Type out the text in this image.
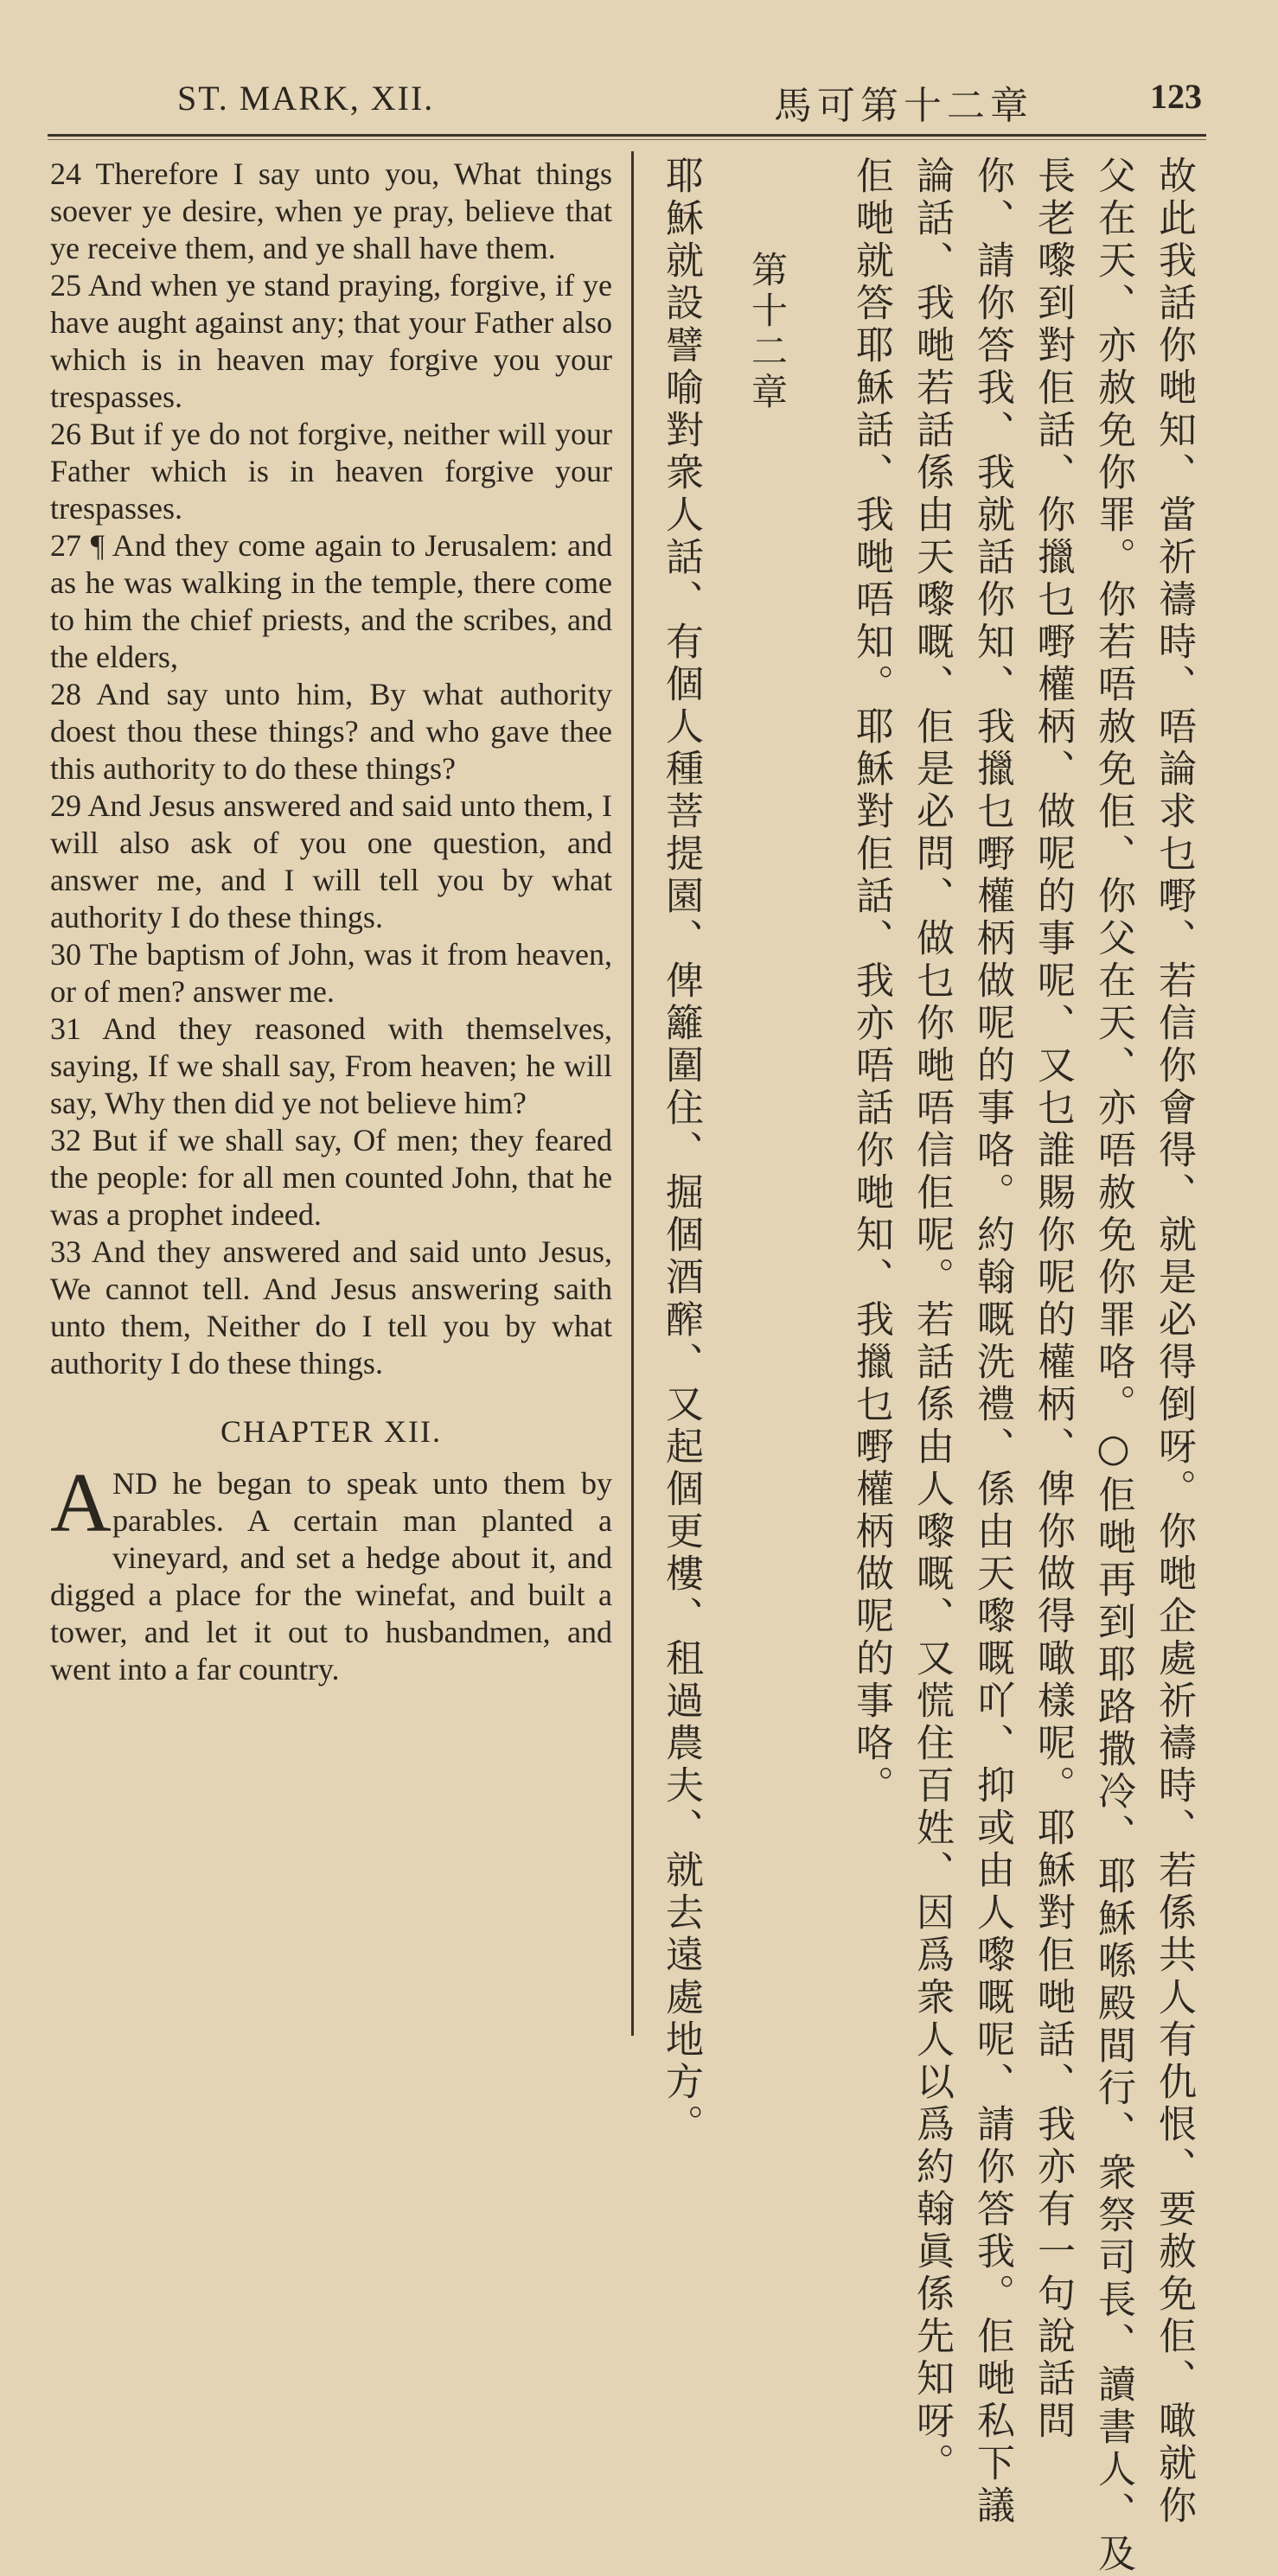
ST. MARK, XII.	馬可第十二章	123

24 Therefore I say unto you, What things soever ye desire, when ye pray, believe that ye receive them, and ye shall have them.

25 And when ye stand praying, forgive, if ye have aught against any; that your Father also which is in heaven may forgive you your trespasses.

26 But if ye do not forgive, neither will your Father which is in heaven forgive your trespasses.

27 ¶ And they come again to Jerusalem: and as he was walking in the temple, there come to him the chief priests, and the scribes, and the elders,

28 And say unto him, By what authority doest thou these things? and who gave thee this authority to do these things?

29 And Jesus answered and said unto them, I will also ask of you one question, and answer me, and I will tell you by what authority I do these things.

30 The baptism of John, was it from heaven, or of men? answer me.

31 And they reasoned with themselves, saying, If we shall say, From heaven; he will say, Why then did ye not believe him?

32 But if we shall say, Of men; they feared the people: for all men counted John, that he was a prophet indeed.

33 And they answered and said unto Jesus, We cannot tell. And Jesus answering saith unto them, Neither do I tell you by what authority I do these things.

CHAPTER XII.

AND he began to speak unto them by parables. A certain man planted a vineyard, and set a hedge about it, and digged a place for the winefat, and built a tower, and let it out to husbandmen, and went into a far country.	故此我話你哋知、當祈禱時、唔論求乜嘢、若信你會得、就是必得倒呀。你哋企處祈禱時、若係共人有仇恨、要赦免佢、噉就你
父在天、亦赦免你罪。你若唔赦免佢、你父在天、亦唔赦免你罪咯。○佢哋再到耶路撒冷、耶穌喺殿間行、衆祭司長、讀書人、及
長老嚟到對佢話、你擸乜嘢權柄、做呢的事呢、又乜誰賜你呢的權柄、俾你做得噉樣呢。耶穌對佢哋話、我亦有一句說話問
你、請你答我、我就話你知、我擸乜嘢權柄做呢的事咯。約翰嘅洗禮、係由天嚟嘅吖、抑或由人嚟嘅呢、請你答我。佢哋私下議
論話、我哋若話係由天嚟嘅、佢是必問、做乜你哋唔信佢呢。若話係由人嚟嘅、又慌住百姓、因爲衆人以爲約翰眞係先知呀。
佢哋就答耶穌話、我哋唔知。耶穌對佢話、我亦唔話你哋知、我擸乜嘢權柄做呢的事咯。
第十二章
耶穌就設譬喻對衆人話、有個人種菩提園、俾籬圍住、掘個酒醡、又起個更樓、租過農夫、就去遠處地方。
